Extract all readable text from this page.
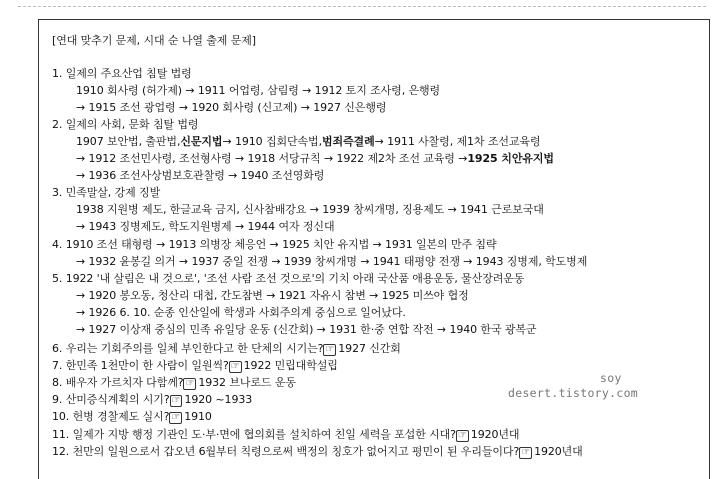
[연대 맞추기 문제, 시대 순 나열 출제 문제]
1. 일제의 주요산업 침탈 법령
1910 회사령 (허가제) → 1911 어업령, 삼림령 → 1912 토지 조사령, 은행령
→ 1915 조선 광업령 → 1920 회사령 (신고제) → 1927 신은행령
2. 일제의 사회, 문화 침탈 법령
1907 보안법, 출판법,신문지법→ 1910 집회단속법,범죄즉결례→ 1911 사찰령, 제1차 조선교육령
→ 1912 조선민사령, 조선형사령 → 1918 서당규칙 → 1922 제2차 조선 교육령 →1925 치안유지법
→ 1936 조선사상범보호관찰령 → 1940 조선영화령
3. 민족말살, 강제 징발
1938 지원병 제도, 한글교육 금지, 신사참배강요 → 1939 창씨개명, 징용제도 → 1941 근로보국대
→ 1943 징병제도, 학도지원병제 → 1944 여자 정신대
4. 1910 조선 태형령 → 1913 의병장 체응언 → 1925 치안 유지법 → 1931 일본의 만주 침략
→ 1932 윤봉길 의거 → 1937 중일 전쟁 → 1939 창씨개명 → 1941 태평양 전쟁 → 1943 징병제, 학도병제
5. 1922 '내 살림은 내 것으로', '조선 사람 조선 것으로'의 기치 아래 국산품 애용운동, 물산장려운동
→ 1920 봉오동, 청산리 대첩, 간도참변 → 1921 자유시 참변 → 1925 미쓰야 협정
→ 1926 6. 10. 순종 인산일에 학생과 사회주의계 중심으로 일어났다.
→ 1927 이상재 중심의 민족 유일당 운동 (신간회) → 1931 한·중 연합 작전 → 1940 한국 광복군
6. 우리는 기회주의를 일체 부인한다고 한 단체의 시기는?☞1927 신간회
7. 한민족 1천만이 한 사람이 일원씩?☞1922 민립대학설립
8. 배우자 가르치자 다함께?☞1932 브나로드 운동
9. 산미증식계획의 시기?☞1920 ~1933
10. 헌병 경찰제도 실시?☞1910
11. 일제가 지방 행정 기관인 도·부·면에 협의회를 설치하여 친일 세력을 포섭한 시대?☞1920년대
12. 천만의 일원으로서 갑오년 6월부터 칙령으로써 백정의 칭호가 없어지고 평민이 된 우리들이다?☞1920년대
soy
desert.tistory.com
